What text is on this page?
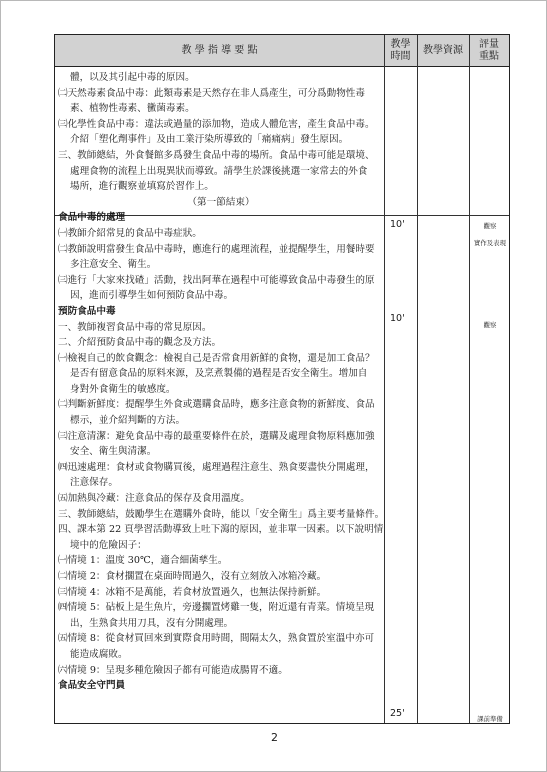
教 學 指 導 要 點
教學
時間
教學資源
評量
重點
體，以及其引起中毒的原因。
㈡天然毒素食品中毒：此類毒素是天然存在非人爲產生，可分爲動物性毒
素、植物性毒素、黴菌毒素。
㈢化學性食品中毒：違法或過量的添加物，造成人體危害，產生食品中毒。
介紹「塑化劑事件」及由工業汙染所導致的「痛痛病」發生原因。
三、教師總結，外食餐館多爲發生食品中毒的場所。食品中毒可能是環境、
處理食物的流程上出現異狀而導致。請學生於課後挑選一家常去的外食
場所，進行觀察並填寫於習作上。
（第一節結束）
食品中毒的處理
㈠教師介紹常見的食品中毒症狀。
㈡教師說明當發生食品中毒時，應進行的處理流程，並提醒學生，用餐時要
多注意安全、衛生。
㈢進行「大家來找碴」活動，找出阿華在過程中可能導致食品中毒發生的原
因，進而引導學生如何預防食品中毒。
預防食品中毒
一、教師複習食品中毒的常見原因。
二、介紹預防食品中毒的觀念及方法。
㈠檢視自己的飲食觀念：檢視自己是否常食用新鮮的食物，還是加工食品？
是否有留意食品的原料來源，及烹煮製備的過程是否安全衛生。增加自
身對外食衛生的敏感度。
㈡判斷新鮮度：提醒學生外食或選購食品時，應多注意食物的新鮮度、食品
標示，並介紹判斷的方法。
㈢注意清潔：避免食品中毒的最重要條件在於，選購及處理食物原料應加強
安全、衛生與清潔。
㈣迅速處理：食材或食物購買後，處理過程注意生、熟食要盡快分開處理，
注意保存。
㈤加熱與冷藏：注意食品的保存及食用溫度。
三、教師總結，鼓勵學生在選購外食時，能以「安全衛生」爲主要考量條件。
四、課本第 22 頁學習活動導致上吐下瀉的原因，並非單一因素。以下說明情
境中的危險因子：
㈠情境 1：溫度 30℃，適合細菌孳生。
㈡情境 2：食材擱置在桌面時間過久，沒有立刻放入冰箱冷藏。
㈢情境 4：冰箱不是萬能，若食材放置過久，也無法保持新鮮。
㈣情境 5：砧板上是生魚片，旁邊擱置烤雞一隻，附近還有青菜。情境呈現
出，生熟食共用刀具，沒有分開處理。
㈤情境 8：從食材買回來到實際食用時間，間隔太久，熟食置於室溫中亦可
能造成腐敗。
㈥情境 9：呈現多種危險因子都有可能造成腸胃不適。
食品安全守門員
10'
10'
25'
觀察
實作及表現
觀察
課前準備
2
